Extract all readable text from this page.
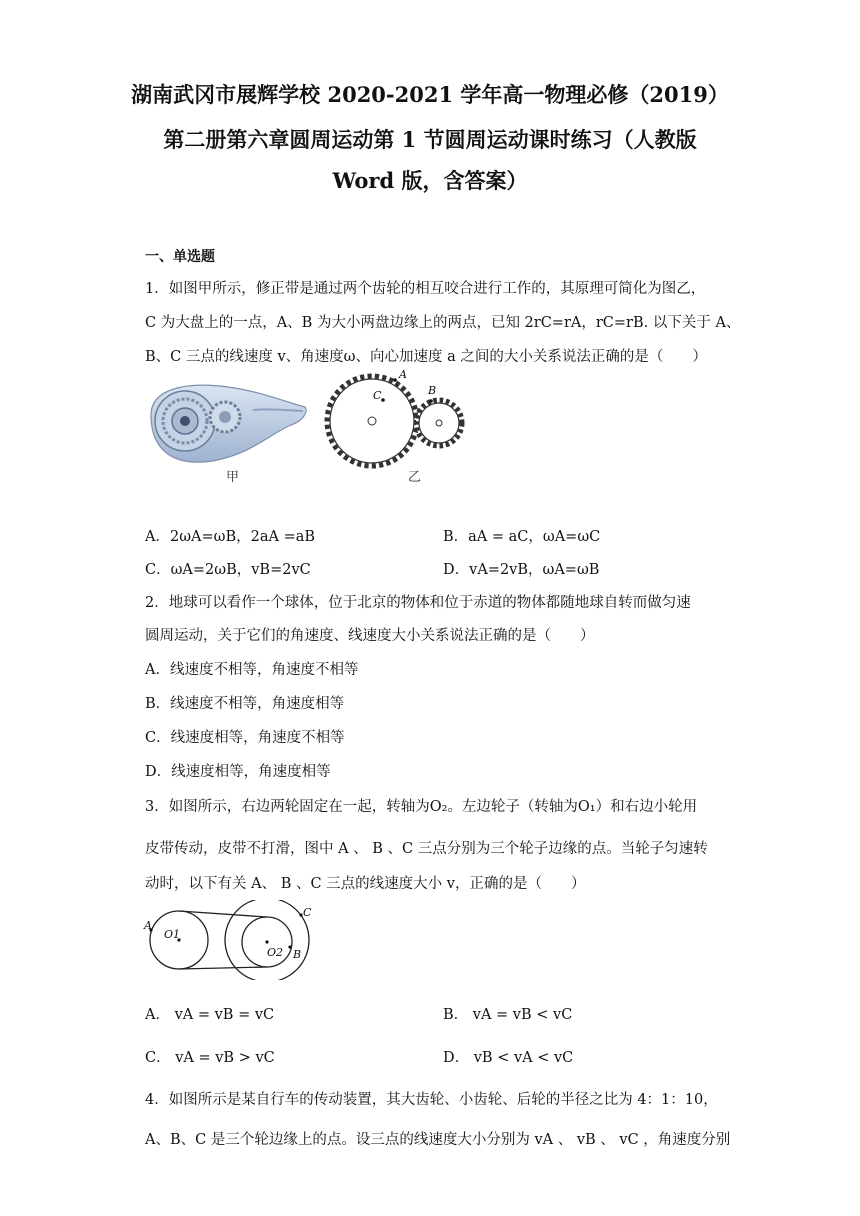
湖南武冈市展辉学校 2020-2021 学年高一物理必修（2019）
第二册第六章圆周运动第 1 节圆周运动课时练习（人教版
Word 版，含答案）
一、单选题
1．如图甲所示，修正带是通过两个齿轮的相互咬合进行工作的，其原理可简化为图乙，
C 为大盘上的一点，A、B 为大小两盘边缘上的两点，已知 2rC=rA，rC=rB. 以下关于 A、
B、C 三点的线速度 v、角速度ω、向心加速度 a 之间的大小关系说法正确的是（　　）
甲
A
B
C
乙
A．2ωA=ωB，2aA =aB	B．aA = aC，ωA=ωC
C．ωA=2ωB，vB=2vC	D．vA=2vB，ωA=ωB
2．地球可以看作一个球体，位于北京的物体和位于赤道的物体都随地球自转而做匀速
圆周运动，关于它们的角速度、线速度大小关系说法正确的是（　　）
A．线速度不相等，角速度不相等
B．线速度不相等，角速度相等
C．线速度相等，角速度不相等
D．线速度相等，角速度相等
3．如图所示，右边两轮固定在一起，转轴为O₂。左边轮子（转轴为O₁）和右边小轮用
皮带传动，皮带不打滑，图中 A 、 B 、C 三点分别为三个轮子边缘的点。当轮子匀速转
动时，以下有关 A、 B 、C 三点的线速度大小 v，正确的是（　　）
A
O1
O2 B
C
A． vA = vB = vC	B． vA = vB < vC
C． vA = vB > vC	D． vB < vA < vC
4．如图所示是某自行车的传动装置，其大齿轮、小齿轮、后轮的半径之比为 4：1：10，
A、B、C 是三个轮边缘上的点。设三点的线速度大小分别为 vA 、 vB 、 vC ，角速度分别
